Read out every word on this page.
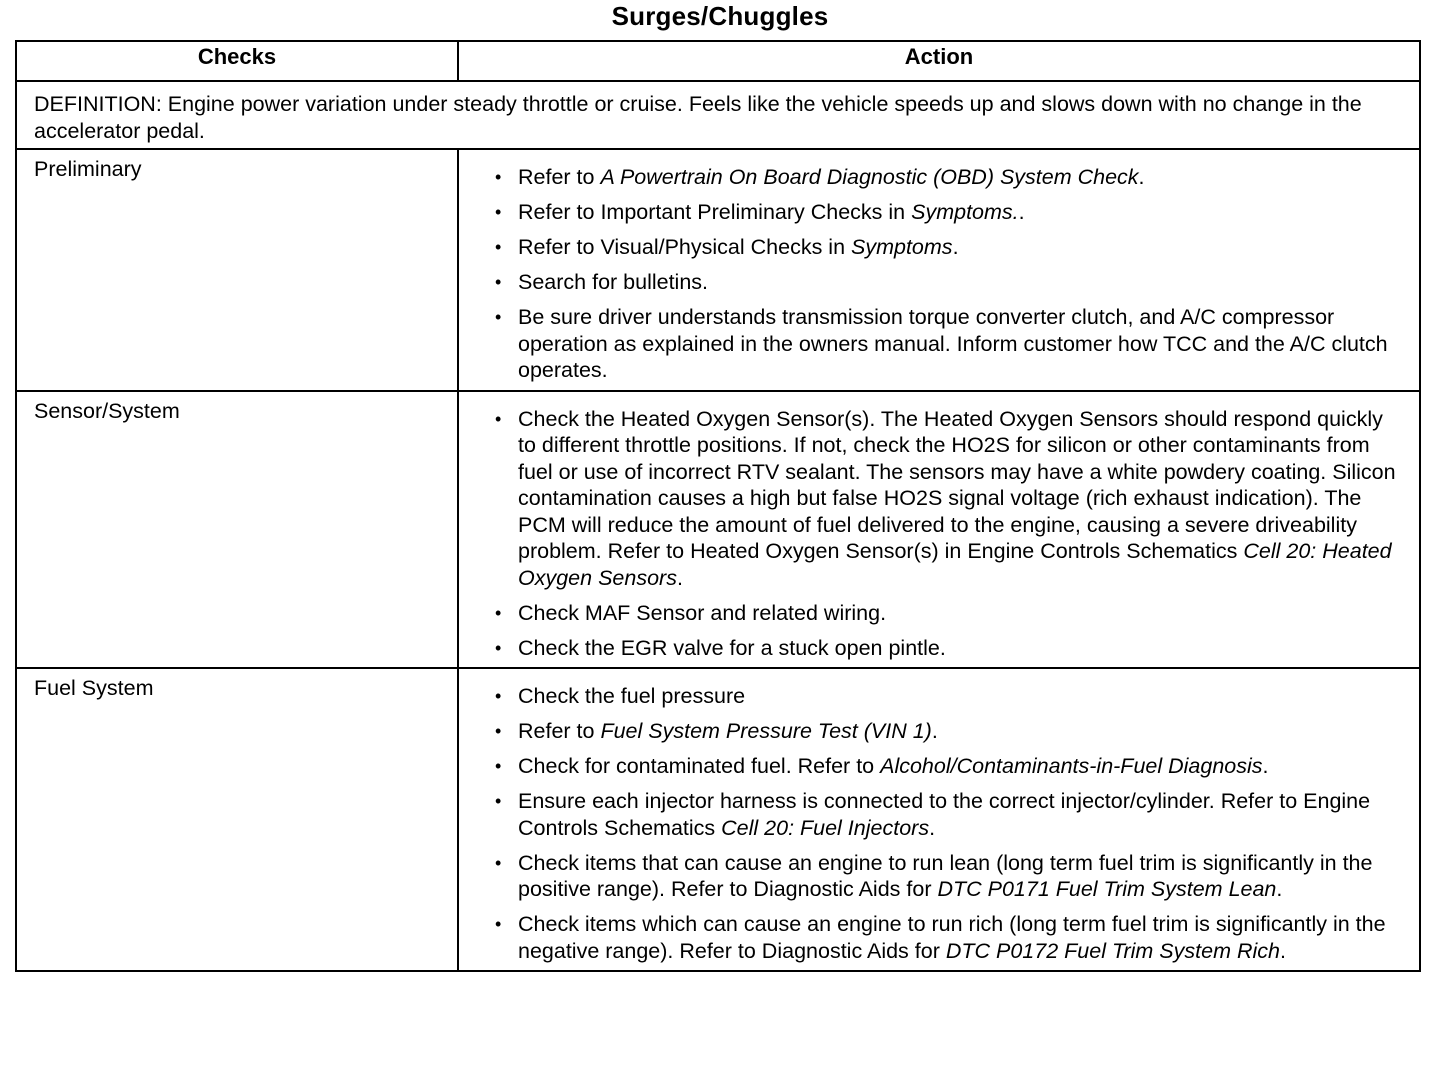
Surges/Chuggles
Checks	Action
DEFINITION: Engine power variation under steady throttle or cruise. Feels like the vehicle speeds up and slows down with no change in the accelerator pedal.	
Preliminary	
•Refer to A Powertrain On Board Diagnostic (OBD) System Check.
• Refer to Important Preliminary Checks in Symptoms..
• Refer to Visual/Physical Checks in Symptoms.
• Search for bulletins.
• Be sure driver understands transmission torque converter clutch, and A/C compressor operation as explained in the owners manual. Inform customer how TCC and the A/C clutch operates.

Sensor/System	
•Check the Heated Oxygen Sensor(s). The Heated Oxygen Sensors should respond quickly to different throttle positions. If not, check the HO2S for silicon or other contaminants from fuel or use of incorrect RTV sealant. The sensors may have a white powdery coating. Silicon contamination causes a high but false HO2S signal voltage (rich exhaust indication). The PCM will reduce the amount of fuel delivered to the engine, causing a severe driveability problem. Refer to Heated Oxygen Sensor(s) in Engine Controls Schematics Cell 20: Heated Oxygen Sensors.
• Check MAF Sensor and related wiring.
• Check the EGR valve for a stuck open pintle.

Fuel System	
•Check the fuel pressure
• Refer to Fuel System Pressure Test (VIN 1).
• Check for contaminated fuel. Refer to Alcohol/Contaminants-in-Fuel Diagnosis.
• Ensure each injector harness is connected to the correct injector/cylinder. Refer to Engine Controls Schematics Cell 20: Fuel Injectors.
• Check items that can cause an engine to run lean (long term fuel trim is significantly in the positive range). Refer to Diagnostic Aids for DTC P0171 Fuel Trim System Lean.
• Check items which can cause an engine to run rich (long term fuel trim is significantly in the negative range). Refer to Diagnostic Aids for DTC P0172 Fuel Trim System Rich.
